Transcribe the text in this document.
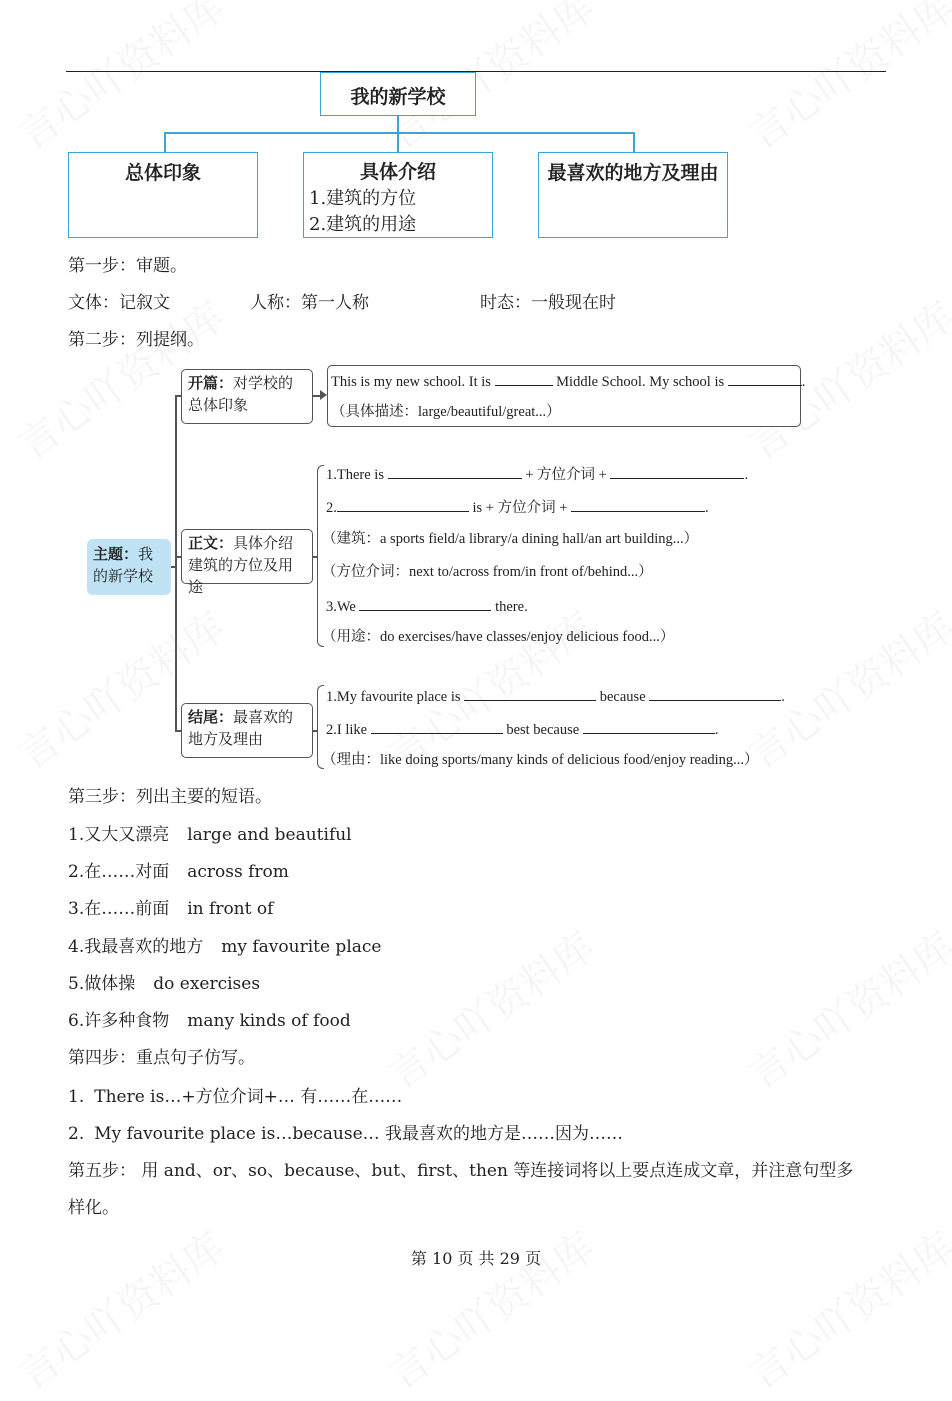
我的新学校
总体印象	具体介绍
1.建筑的方位
2.建筑的用途
最喜欢的地方及理由
第一步：审题。
文体：记叙文	人称：第一人称	时态：一般现在时
第二步：列提纲。
主题：我的新学校
开篇：对学校的总体印象
This is my new school. It is	Middle School. My school is	.
（具体描述：large/beautiful/great...）
正文：具体介绍建筑的方位及用途
1.There is	+ 方位介词 +	.
2.	is + 方位介词 +	.
（建筑：a sports field/a library/a dining hall/an art building...）
（方位介词：next to/across from/in front of/behind...）
3.We	there.
（用途：do exercises/have classes/enjoy delicious food...）
结尾：最喜欢的地方及理由
1.My favourite place is	because	.
2.I like	best because	.
（理由：like doing sports/many kinds of delicious food/enjoy reading...）
第三步：列出主要的短语。
1.又大又漂亮 large and beautiful
2.在……对面 across from
3.在……前面 in front of
4.我最喜欢的地方 my favourite place
5.做体操 do exercises
6.许多种食物 many kinds of food
第四步：重点句子仿写。
1. There is…+方位介词+… 有……在……
2. My favourite place is…because… 我最喜欢的地方是……因为……
第五步： 用 and、or、so、because、but、first、then 等连接词将以上要点连成文章，并注意句型多
样化。
第 10 页 共 29 页
